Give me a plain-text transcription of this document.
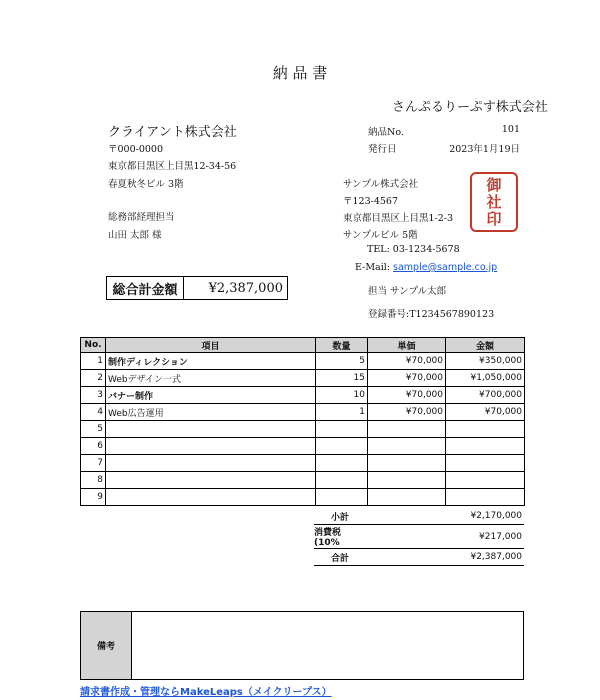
納 品 書
さんぷるりーぷす株式会社
クライアント株式会社
〒000-0000
東京都目黒区上目黒12-34-56
春夏秋冬ビル 3階
総務部経理担当
山田 太郎 様
納品No.	101
発行日	2023年1月19日
サンプル株式会社
〒123-4567
東京都目黒区上目黒1-2-3
サンプルビル 5階
TEL: 03-1234-5678
E-Mail: sample@sample.co.jp
担当 サンプル太郎
登録番号:T1234567890123
御
社
印
総合計金額	¥2,387,000
No.	項目	数量	単価	金額
1	制作ディレクション	5	¥70,000	¥350,000
2	Webデザイン一式	15	¥70,000	¥1,050,000
3	バナー制作	10	¥70,000	¥700,000
4	Web広告運用	1	¥70,000	¥70,000
5				
6				
7				
8				
9				
小計		¥2,170,000
消費税(10%		¥217,000
合計		¥2,387,000
備考
請求書作成・管理ならMakeLeaps（メイクリープス）
